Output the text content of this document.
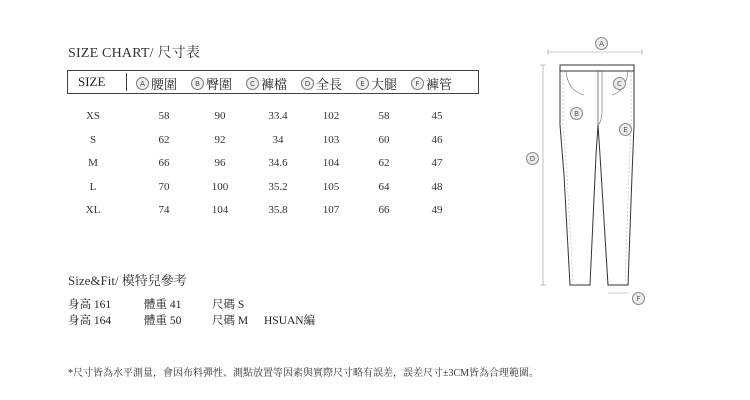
SIZE CHART/ 尺寸表
SIZE	A 腰圍	B 臀圍	C 褲檔	D 全長	E 大腿	F 褲管
XS	58	90	33.4	102	58	45
S	62	92	34	103	60	46
M	66	96	34.6	104	62	47
L	70	100	35.2	105	64	48
XL	74	104	35.8	107	66	49
Size&Fit/ 模特兒參考
身高 161	體重 41	尺碼 S
身高 164	體重 50	尺碼 M HSUAN編
*尺寸皆為水平測量，會因布料彈性、測點放置等因素與實際尺寸略有誤差，誤差尺寸±3CM皆為合理範圍。
A
B
C
D
E
F
